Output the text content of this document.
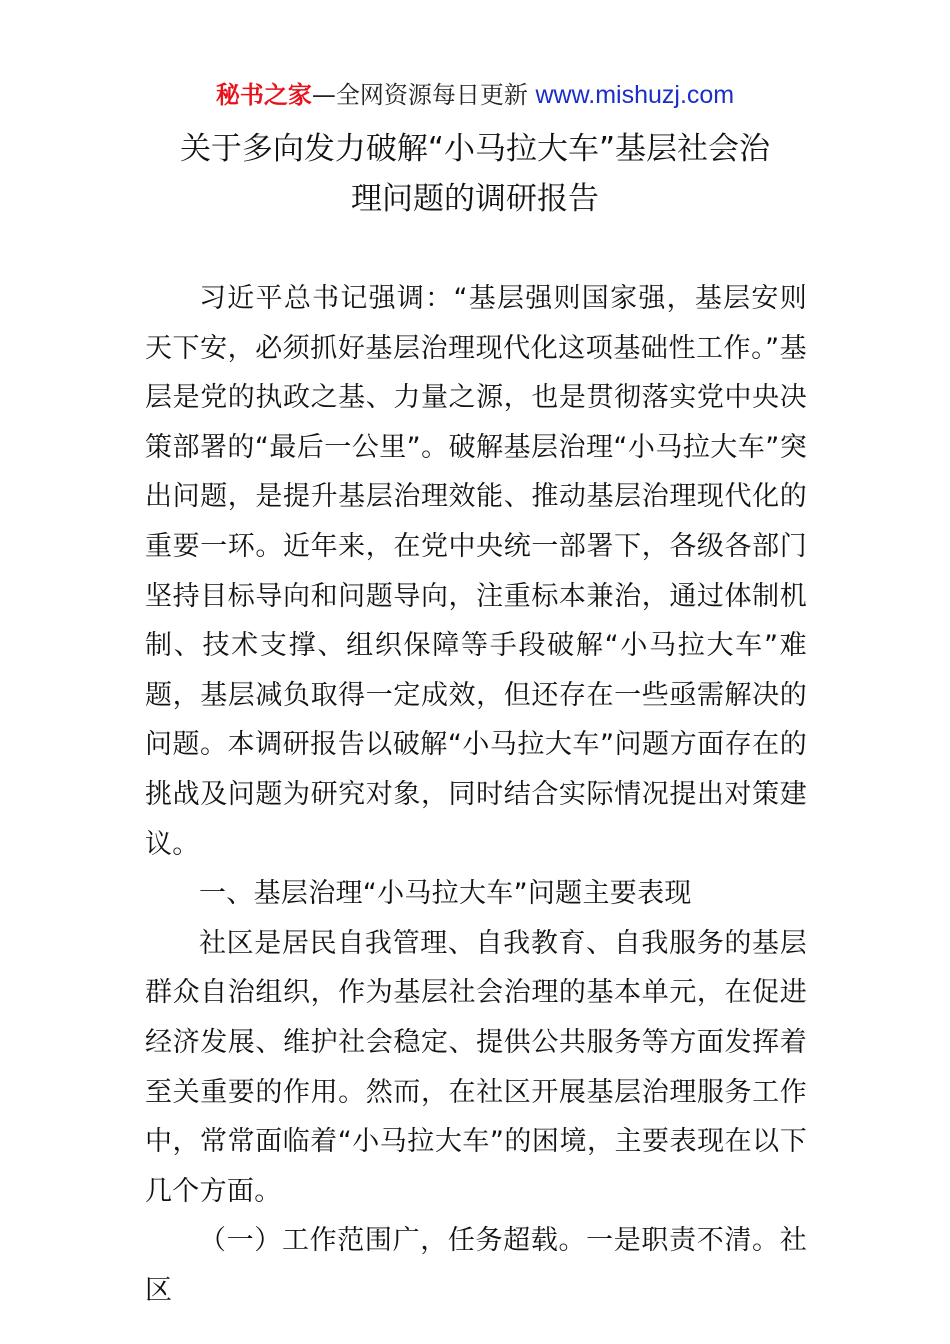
秘书之家—全网资源每日更新 www.mishuzj.com
关于多向发力破解“小马拉大车”基层社会治
理问题的调研报告

习近平总书记强调：“基层强则国家强，基层安则天下安，必须抓好基层治理现代化这项基础性工作。”基层是党的执政之基、力量之源，也是贯彻落实党中央决策部署的“最后一公里”。破解基层治理“小马拉大车”突出问题，是提升基层治理效能、推动基层治理现代化的重要一环。近年来，在党中央统一部署下，各级各部门坚持目标导向和问题导向，注重标本兼治，通过体制机制、技术支撑、组织保障等手段破解“小马拉大车”难题，基层减负取得一定成效，但还存在一些亟需解决的问题。本调研报告以破解“小马拉大车”问题方面存在的挑战及问题为研究对象，同时结合实际情况提出对策建议。

一、基层治理“小马拉大车”问题主要表现

社区是居民自我管理、自我教育、自我服务的基层群众自治组织，作为基层社会治理的基本单元，在促进经济发展、维护社会稳定、提供公共服务等方面发挥着至关重要的作用。然而，在社区开展基层治理服务工作中，常常面临着“小马拉大车”的困境，主要表现在以下几个方面。

（一）工作范围广，任务超载。一是职责不清。社区
